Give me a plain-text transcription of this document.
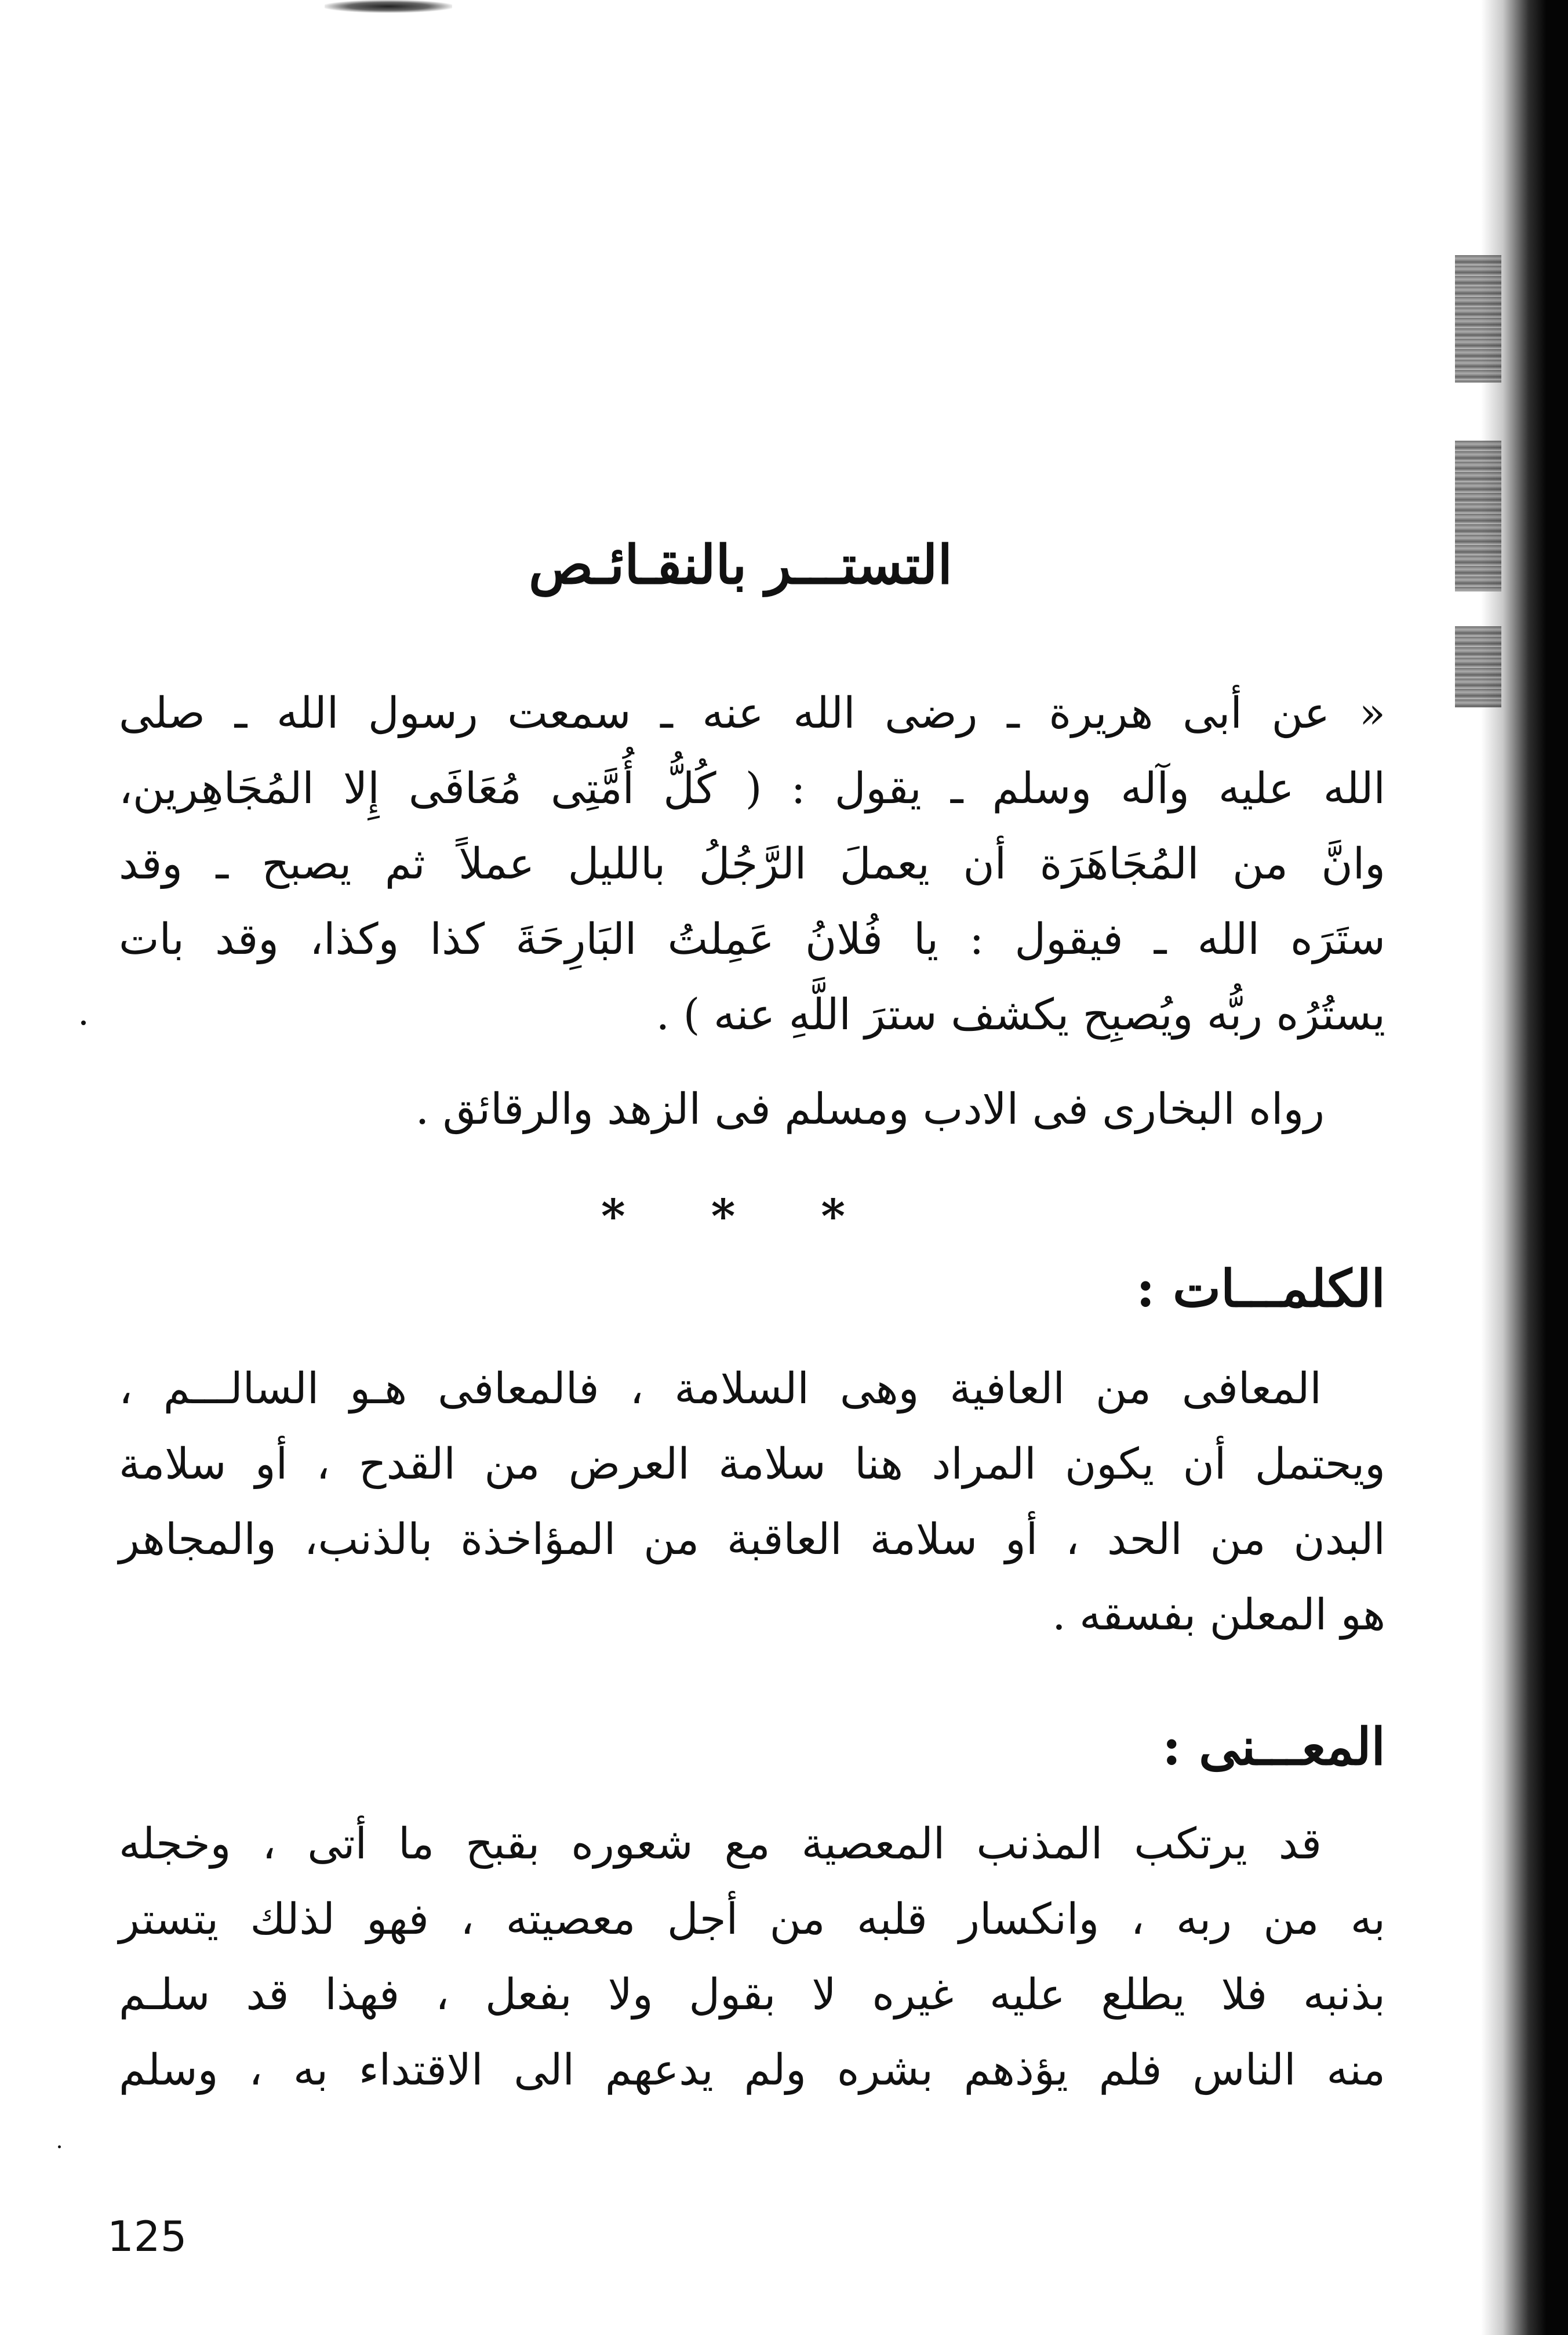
التستـــر بالنقـائـص
« عن أبى هريرة ـ رضى الله عنه ـ سمعت رسول الله ـ صلى
الله عليه وآله وسلم ـ يقول : ( كُلُّ أُمَّتِى مُعَافَى إِلا المُجَاهِرين،
وانَّ من المُجَاهَرَة أن يعملَ الرَّجُلُ بالليل عملاً ثم يصبح ـ وقد
ستَرَه الله ـ فيقول : يا فُلانُ عَمِلتُ البَارِحَةَ كذا وكذا، وقد بات
يستُرُه ربُّه ويُصبِح يكشف سترَ اللَّهِ عنه ) .
رواه البخارى فى الادب ومسلم فى الزهد والرقائق .
* * *
الكلمـــات :
المعافى من العافية وهى السلامة ، فالمعافى هـو السالـــم ،
ويحتمل أن يكون المراد هنا سلامة العرض من القدح ، أو سلامة
البدن من الحد ، أو سلامة العاقبة من المؤاخذة بالذنب، والمجاهر
هو المعلن بفسقه .
المعـــنى :
قد يرتكب المذنب المعصية مع شعوره بقبح ما أتى ، وخجله
به من ربه ، وانكسار قلبه من أجل معصيته ، فهو لذلك يتستر
بذنبه فلا يطلع عليه غيره لا بقول ولا بفعل ، فهذا قد سلـم
منه الناس فلم يؤذهم بشره ولم يدعهم الى الاقتداء به ، وسلم
125
